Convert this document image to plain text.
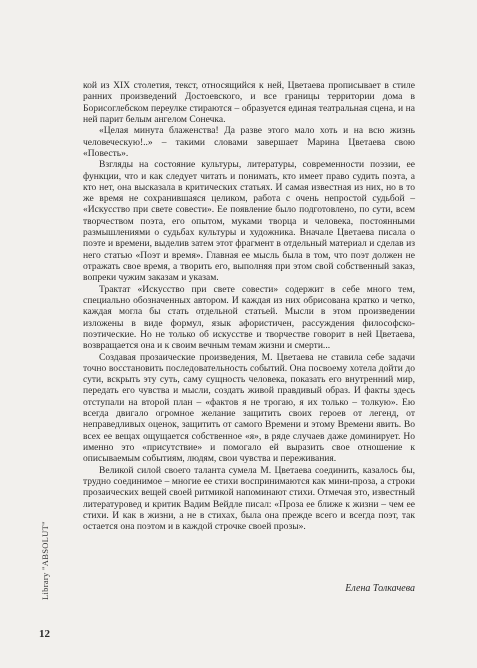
кой из XIX столетия, текст, относящийся к ней, Цветаева прописывает в стиле ранних произведений Достоевского, и все границы территории дома в Борисоглебском переулке стираются – образуется единая театральная сцена, и на ней парит белым ангелом Сонечка.

«Целая минута блаженства! Да разве этого мало хоть и на всю жизнь человеческую!..» – такими словами завершает Марина Цветаева свою «Повесть».

Взгляды на состояние культуры, литературы, современности поэзии, ее функции, что и как следует читать и понимать, кто имеет право судить поэта, а кто нет, она высказала в критических статьях. И самая известная из них, но в то же время не сохранившаяся целиком, работа с очень непростой судьбой – «Искусство при свете совести». Ее появление было подготовлено, по сути, всем творчеством поэта, его опытом, муками творца и человека, постоянными размышлениями о судьбах культуры и художника. Вначале Цветаева писала о поэте и времени, выделив затем этот фрагмент в отдельный материал и сделав из него статью «Поэт и время». Главная ее мысль была в том, что поэт должен не отражать свое время, а творить его, выполняя при этом свой собственный заказ, вопреки чужим заказам и указам.

Трактат «Искусство при свете совести» содержит в себе много тем, специально обозначенных автором. И каждая из них обрисована кратко и четко, каждая могла бы стать отдельной статьей. Мысли в этом произведении изложены в виде формул, язык афористичен, рассуждения философско-поэтические. Но не только об искусстве и творчестве говорит в ней Цветаева, возвращается она и к своим вечным темам жизни и смерти...

Создавая прозаические произведения, М. Цветаева не ставила себе задачи точно восстановить последовательность событий. Она посвоему хотела дойти до сути, вскрыть эту суть, саму сущность человека, показать его внутренний мир, передать его чувства и мысли, создать живой правдивый образ. И факты здесь отступали на второй план – «фактов я не трогаю, я их только – толкую». Ею всегда двигало огромное желание защитить своих героев от легенд, от неправедливых оценок, защитить от самого Времени и этому Времени явить. Во всех ее вещах ощущается собственное «я», в ряде случаев даже доминирует. Но именно это «присутствие» и помогало ей выразить свое отношение к описываемым событиям, людям, свои чувства и переживания.

Великой силой своего таланта сумела М. Цветаева соединить, казалось бы, трудно соединимое – многие ее стихи воспринимаются как мини-проза, а строки прозаических вещей своей ритмикой напоминают стихи. Отмечая это, известный литературовед и критик Вадим Вейдле писал: «Проза ее ближе к жизни – чем ее стихи. И как в жизни, а не в стихах, была она прежде всего и всегда поэт, так остается она поэтом и в каждой строчке своей прозы».

Елена Толкачева
Library "ABSOLUT"
12
